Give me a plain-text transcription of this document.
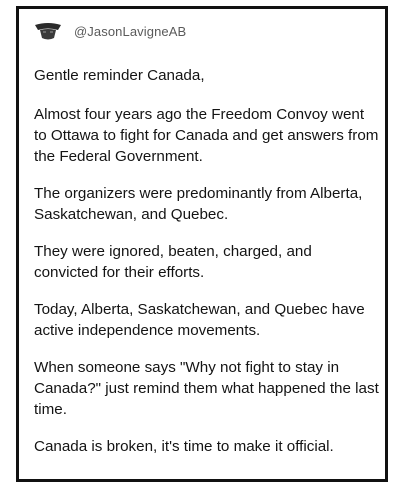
@JasonLavigneAB

Gentle reminder Canada,

Almost four years ago the Freedom Convoy went to Ottawa to fight for Canada and get answers from the Federal Government.

The organizers were predominantly from Alberta, Saskatchewan, and Quebec.

They were ignored, beaten, charged, and convicted for their efforts.

Today, Alberta, Saskatchewan, and Quebec have active independence movements.

When someone says "Why not fight to stay in Canada?" just remind them what happened the last time.

Canada is broken, it's time to make it official.
